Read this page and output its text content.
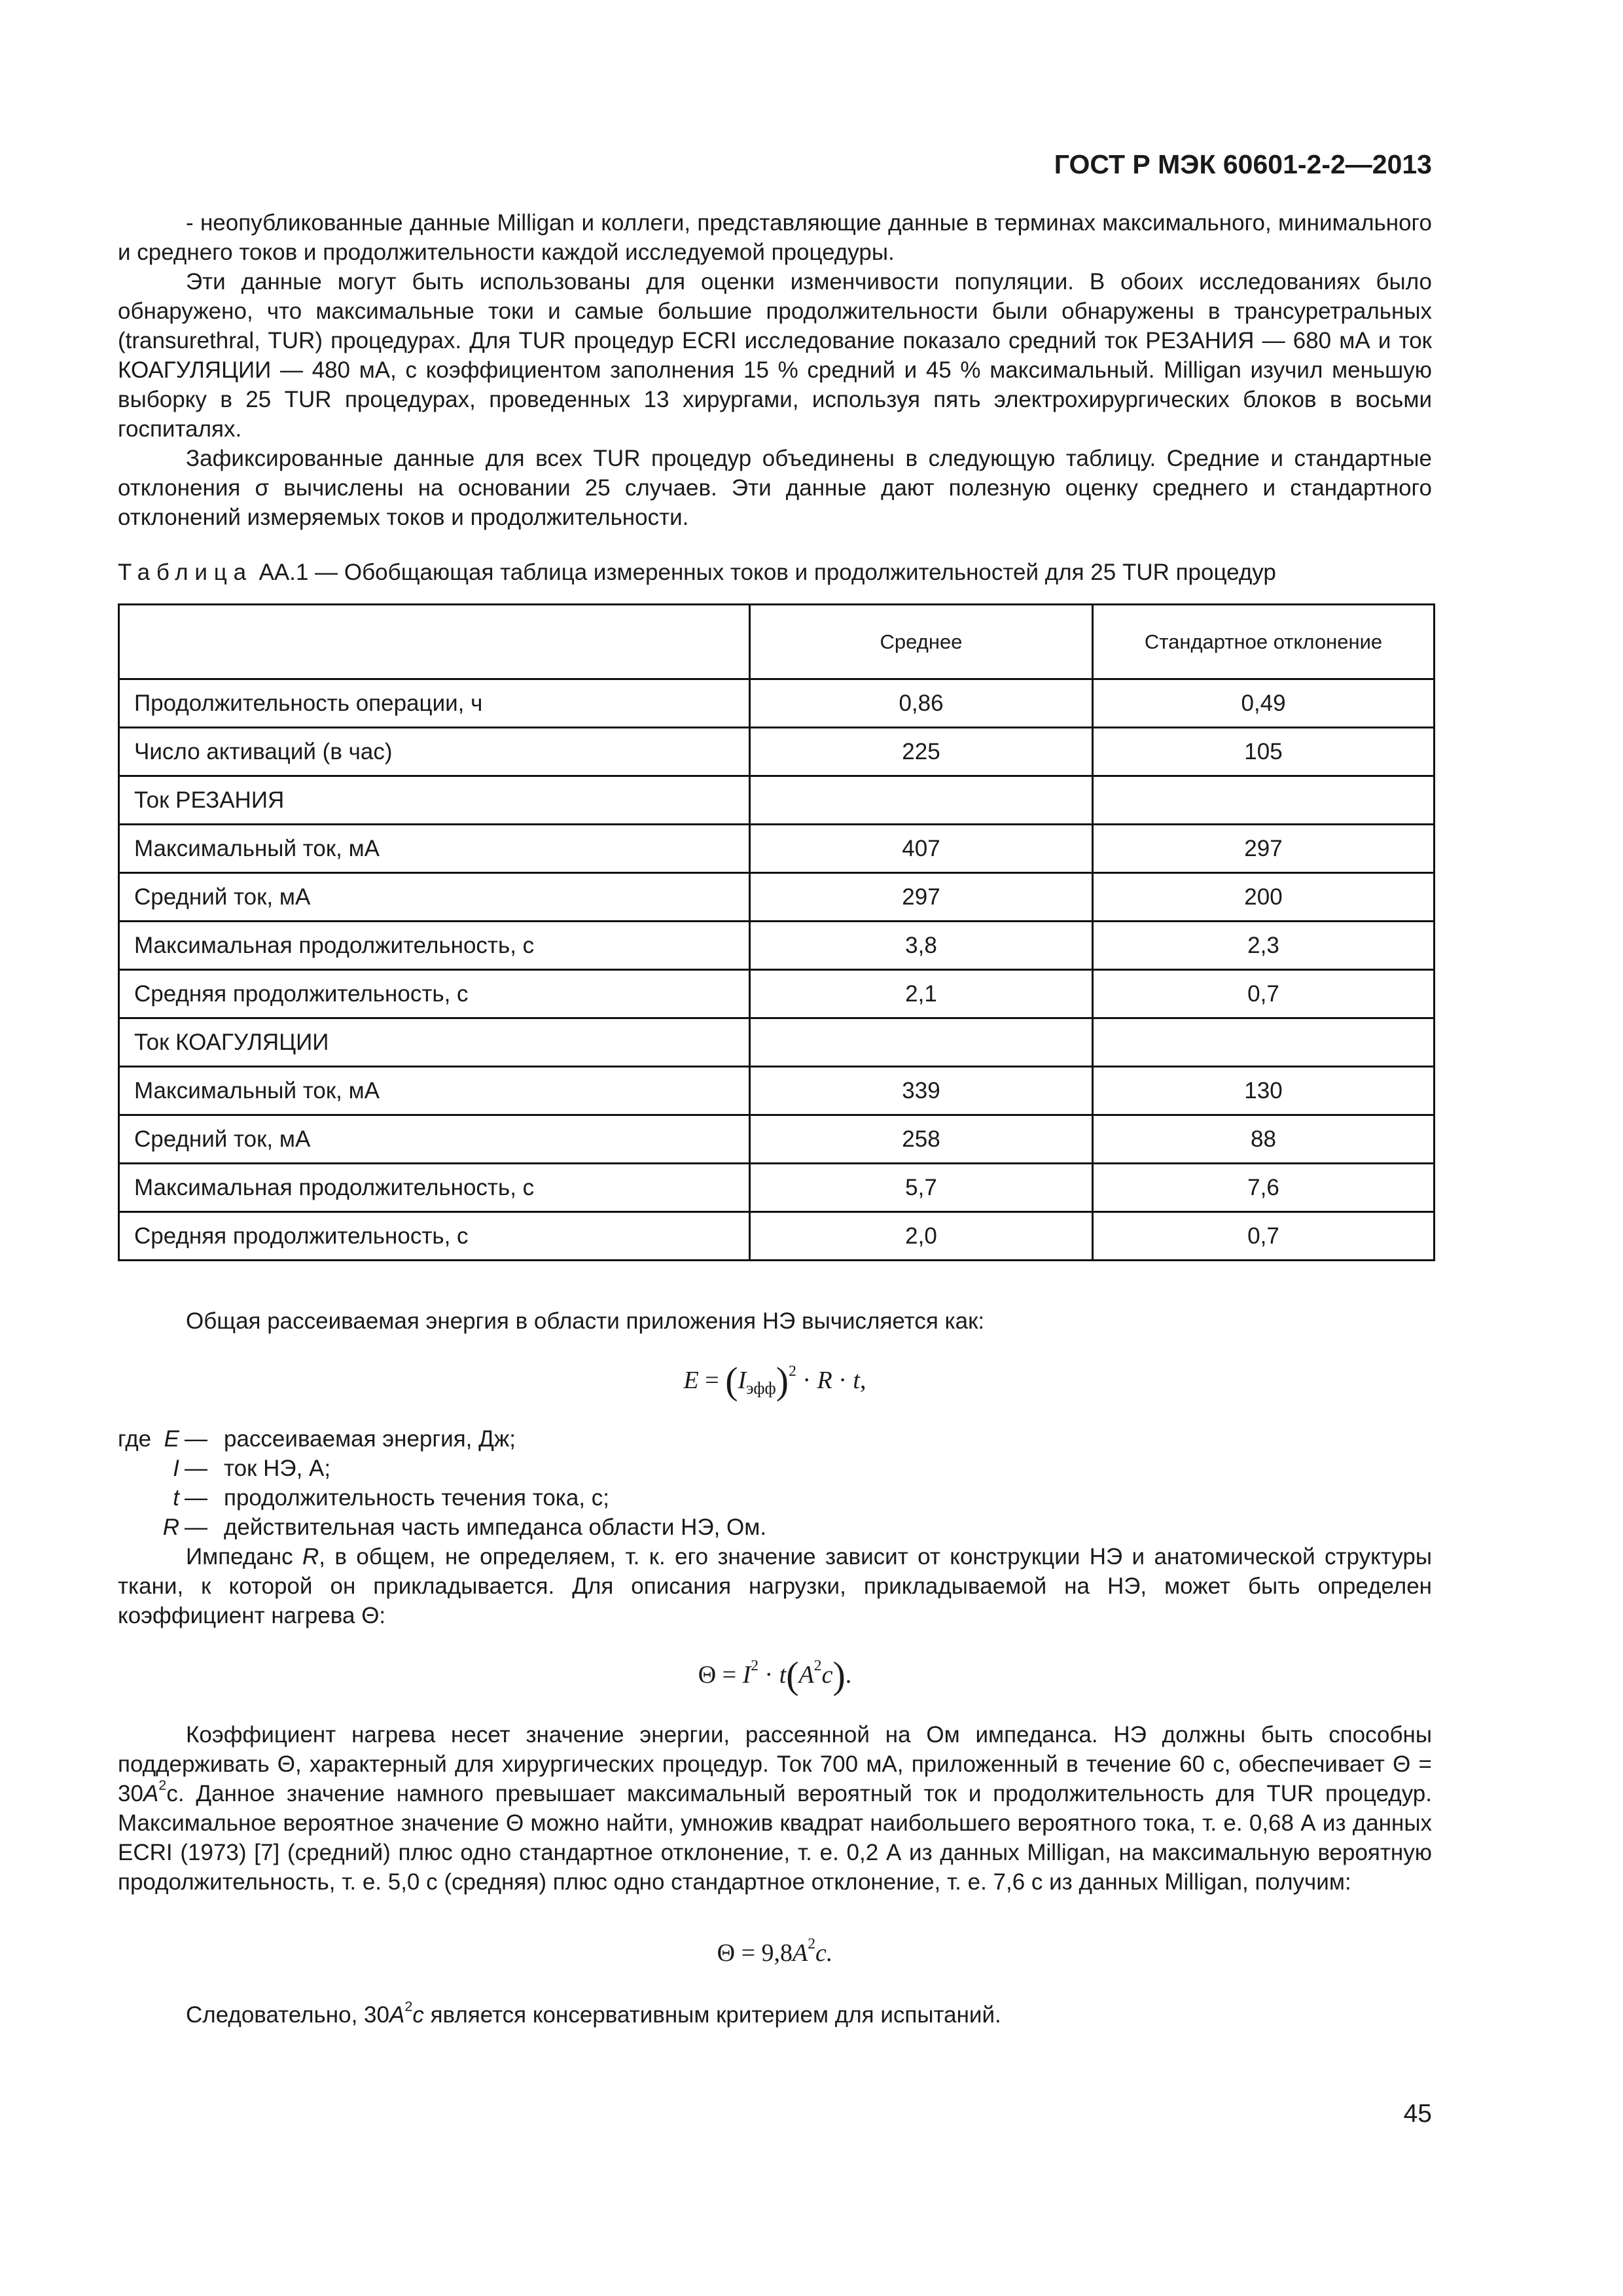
ГОСТ Р МЭК 60601-2-2—2013

- неопубликованные данные Milligan и коллеги, представляющие данные в терминах максимального, минимального и среднего токов и продолжительности каждой исследуемой процедуры.

Эти данные могут быть использованы для оценки изменчивости популяции. В обоих исследованиях было обнаружено, что максимальные токи и самые большие продолжительности были обнаружены в трансуретральных (transurethral, TUR) процедурах. Для TUR процедур ECRI исследование показало средний ток РЕЗАНИЯ — 680 мА и ток КОАГУЛЯЦИИ — 480 мА, с коэффициентом заполнения 15 % средний и 45 % максимальный. Milligan изучил меньшую выборку в 25 TUR процедурах, проведенных 13 хирургами, используя пять электрохирургических блоков в восьми госпиталях.

Зафиксированные данные для всех TUR процедур объединены в следующую таблицу. Средние и стандартные отклонения σ вычислены на основании 25 случаев. Эти данные дают полезную оценку среднего и стандартного отклонений измеряемых токов и продолжительности.

Таблица АА.1 — Обобщающая таблица измеренных токов и продолжительностей для 25 TUR процедур
	Среднее	Стандартное отклонение
Продолжительность операции, ч	0,86	0,49
Число активаций (в час)	225	105
Ток РЕЗАНИЯ		
Максимальный ток, мА	407	297
Средний ток, мА	297	200
Максимальная продолжительность, с	3,8	2,3
Средняя продолжительность, с	2,1	0,7
Ток КОАГУЛЯЦИИ		
Максимальный ток, мА	339	130
Средний ток, мА	258	88
Максимальная продолжительность, с	5,7	7,6
Средняя продолжительность, с	2,0	0,7

Общая рассеиваемая энергия в области приложения НЭ вычисляется как:

$E = (I_{эфф})^2 \cdot R \cdot t$,
где E — рассеиваемая энергия, Дж;
I — ток НЭ, А;
t — продолжительность течения тока, с;
R — действительная часть импеданса области НЭ, Ом.

Импеданс R, в общем, не определяем, т. к. его значение зависит от конструкции НЭ и анатомической структуры ткани, к которой он прикладывается. Для описания нагрузки, прикладываемой на НЭ, может быть определен коэффициент нагрева Θ:

$\Theta = I^2 \cdot t(A^2c)$.

Коэффициент нагрева несет значение энергии, рассеянной на Ом импеданса. НЭ должны быть способны поддерживать Θ, характерный для хирургических процедур. Ток 700 мА, приложенный в течение 60 с, обеспечивает $\Theta = 30A^2c$. Данное значение намного превышает максимальный вероятный ток и продолжительность для TUR процедур. Максимальное вероятное значение Θ можно найти, умножив квадрат наибольшего вероятного тока, т. е. 0,68 А из данных ECRI (1973) [7] (средний) плюс одно стандартное отклонение, т. е. 0,2 А из данных Milligan, на максимальную вероятную продолжительность, т. е. 5,0 с (средняя) плюс одно стандартное отклонение, т. е. 7,6 с из данных Milligan, получим:

$\Theta = 9,8A^2c$.

Следовательно, $30A^2c$ является консервативным критерием для испытаний.

45
